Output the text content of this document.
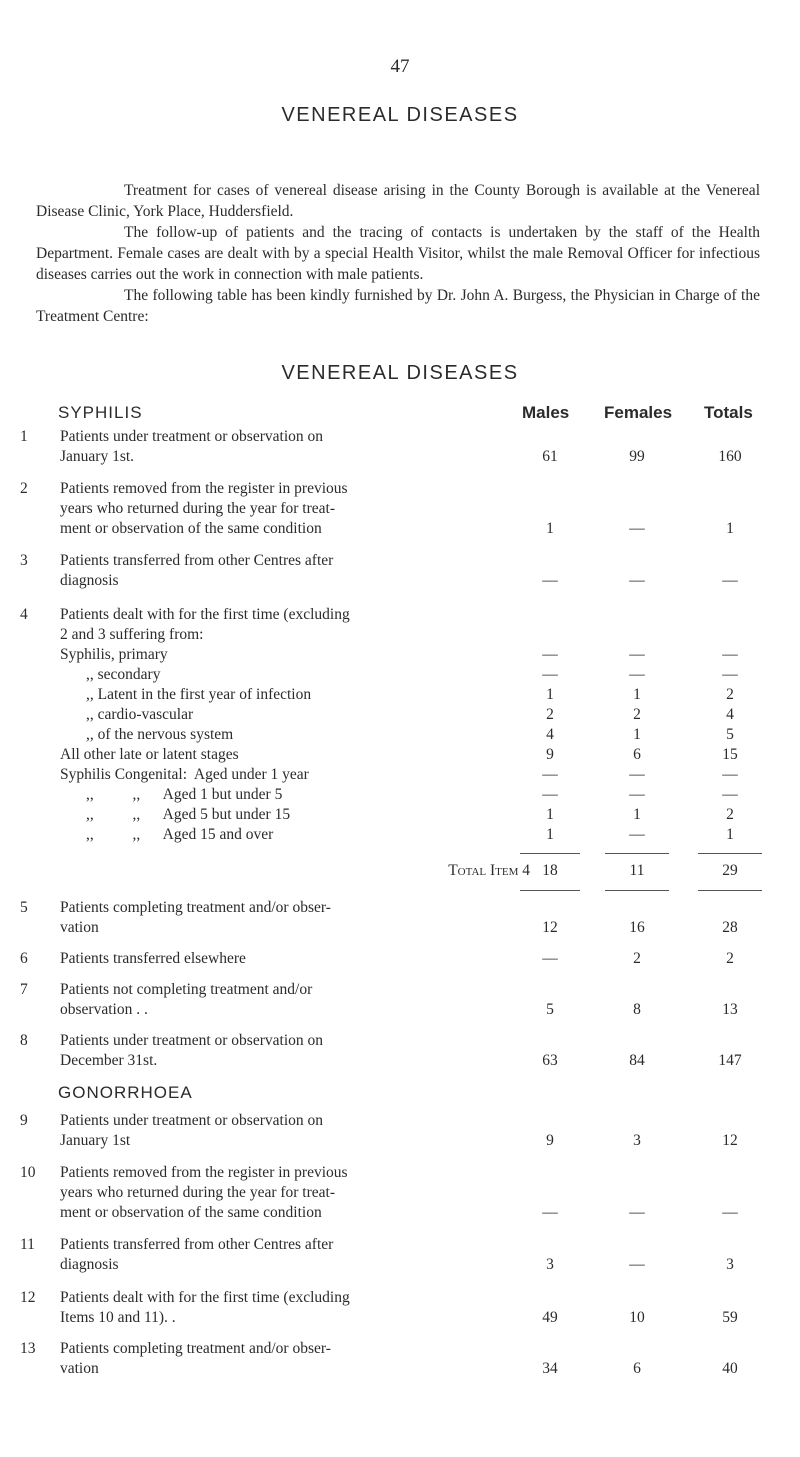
47
VENEREAL DISEASES
Treatment for cases of venereal disease arising in the County Borough is available at the Venereal Disease Clinic, York Place, Huddersfield.
The follow-up of patients and the tracing of contacts is undertaken by the staff of the Health Department. Female cases are dealt with by a special Health Visitor, whilst the male Removal Officer for infectious diseases carries out the work in connection with male patients.
The following table has been kindly furnished by Dr. John A. Burgess, the Physician in Charge of the Treatment Centre:
VENEREAL DISEASES
SYPHILIS	Males Females Totals
1	Patients under treatment or observation on
January 1st.	61	99	160
2	Patients removed from the register in previous
years who returned during the year for treat-
ment or observation of the same condition	1	—	1
3	Patients transferred from other Centres after
diagnosis	—	—	—
4	Patients dealt with for the first time (excluding
2 and 3 suffering from:
Syphilis, primary	—	—	—
,, secondary	—	—	—
,, Latent in the first year of infection	1	1	2
,, cardio-vascular	2	2	4
,, of the nervous system	4	1	5
All other late or latent stages	9	6	15
Syphilis Congenital:  Aged under 1 year	—	—	—
,,          ,,      Aged 1 but under 5	—	—	—
,,          ,,      Aged 5 but under 15	1	1	2
,,          ,,      Aged 15 and over	1	—	1
Total Item 4 18	11	29
5	Patients completing treatment and/or obser-
vation	12	16	28
6	Patients transferred elsewhere	—	2	2
7	Patients not completing treatment and/or
observation . .	5	8	13
8	Patients under treatment or observation on
December 31st.	63	84	147
GONORRHOEA
9	Patients under treatment or observation on
January 1st	9	3	12
10	Patients removed from the register in previous
years who returned during the year for treat-
ment or observation of the same condition	—	—	—
11	Patients transferred from other Centres after
diagnosis	3	—	3
12	Patients dealt with for the first time (excluding
Items 10 and 11). .	49	10	59
13	Patients completing treatment and/or obser-
vation	34	6	40
